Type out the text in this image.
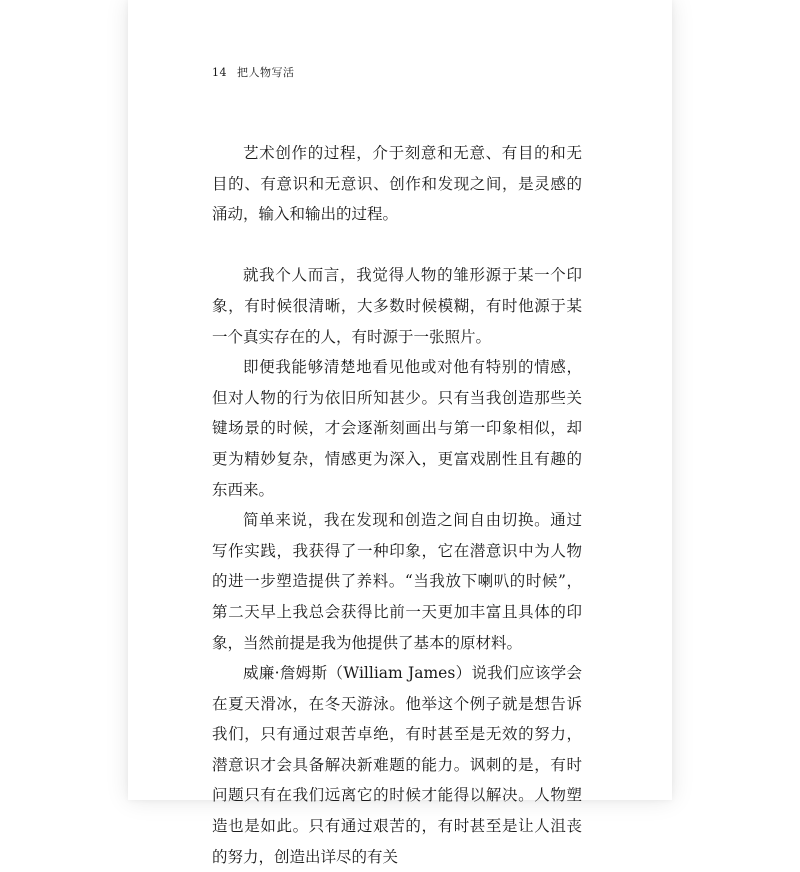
14 把人物写活

艺术创作的过程，介于刻意和无意、有目的和无目的、有意识和无意识、创作和发现之间，是灵感的涌动，输入和输出的过程。

就我个人而言，我觉得人物的雏形源于某一个印象，有时候很清晰，大多数时候模糊，有时他源于某一个真实存在的人，有时源于一张照片。

即便我能够清楚地看见他或对他有特别的情感，但对人物的行为依旧所知甚少。只有当我创造那些关键场景的时候，才会逐渐刻画出与第一印象相似，却更为精妙复杂，情感更为深入，更富戏剧性且有趣的东西来。

简单来说，我在发现和创造之间自由切换。通过写作实践，我获得了一种印象，它在潜意识中为人物的进一步塑造提供了养料。“当我放下喇叭的时候”，第二天早上我总会获得比前一天更加丰富且具体的印象，当然前提是我为他提供了基本的原材料。

威廉·詹姆斯（William James）说我们应该学会在夏天滑冰，在冬天游泳。他举这个例子就是想告诉我们，只有通过艰苦卓绝，有时甚至是无效的努力，潜意识才会具备解决新难题的能力。讽刺的是，有时问题只有在我们远离它的时候才能得以解决。人物塑造也是如此。只有通过艰苦的，有时甚至是让人沮丧的努力，创造出详尽的有关
